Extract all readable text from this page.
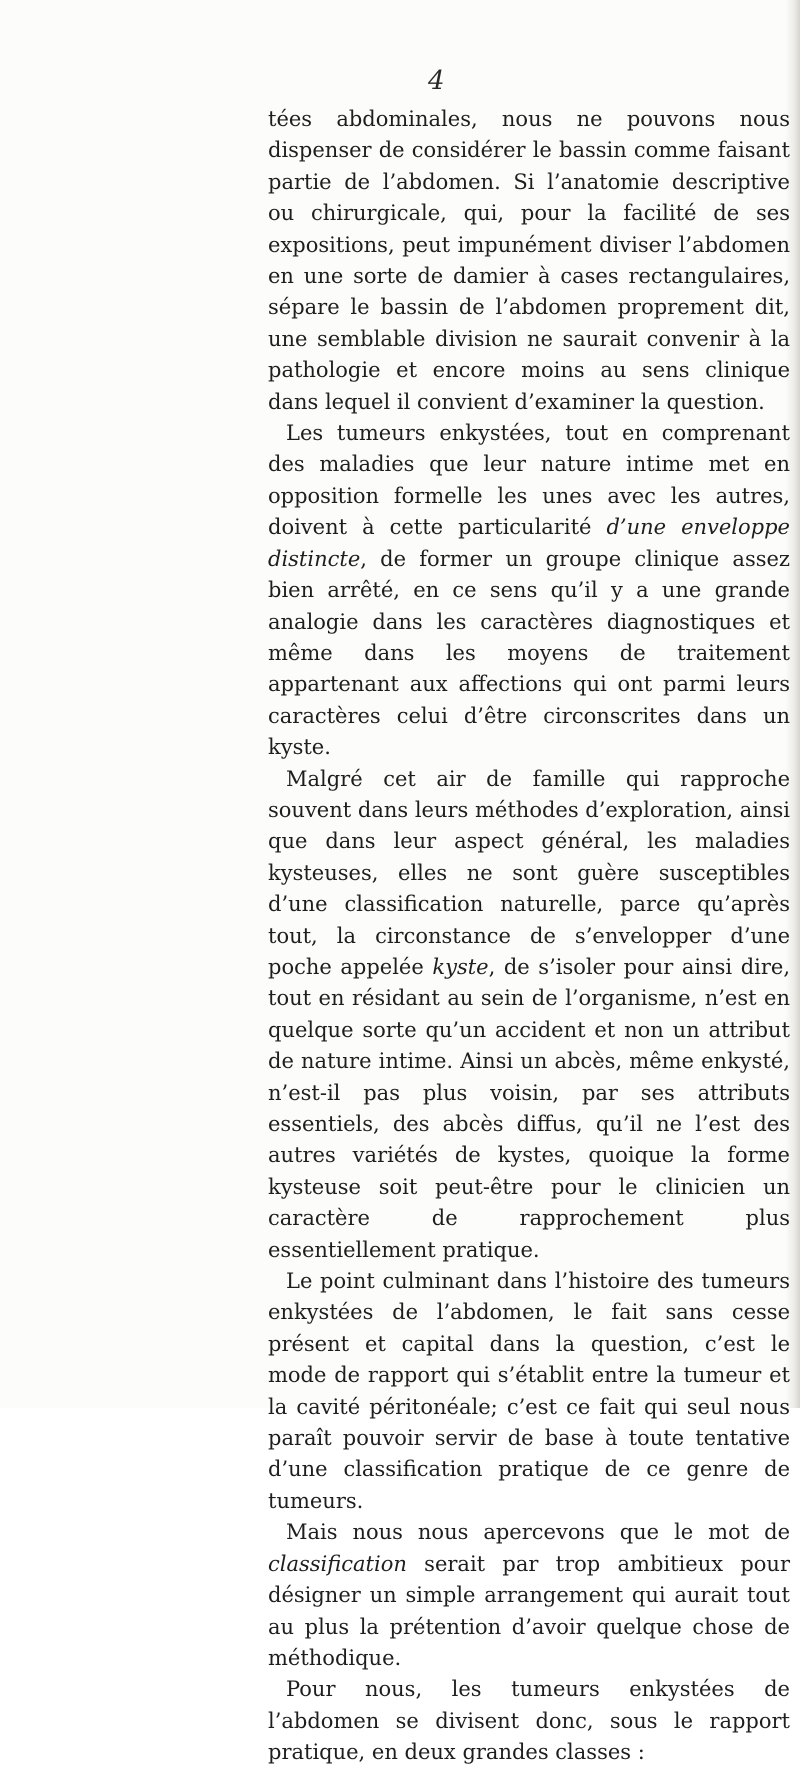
4

tées abdominales, nous ne pouvons nous dispenser de considérer le bassin comme faisant partie de l’abdomen. Si l’anatomie descriptive ou chirurgicale, qui, pour la facilité de ses expositions, peut impunément diviser l’abdomen en une sorte de damier à cases rectangulaires, sépare le bassin de l’abdomen proprement dit, une semblable division ne saurait convenir à la pathologie et encore moins au sens clinique dans lequel il convient d’examiner la question.

Les tumeurs enkystées, tout en comprenant des maladies que leur nature intime met en opposition formelle les unes avec les autres, doivent à cette particularité d’une enveloppe distincte, de former un groupe clinique assez bien arrêté, en ce sens qu’il y a une grande analogie dans les caractères diagnostiques et même dans les moyens de traitement appartenant aux affections qui ont parmi leurs caractères celui d’être circonscrites dans un kyste.

Malgré cet air de famille qui rapproche souvent dans leurs méthodes d’exploration, ainsi que dans leur aspect général, les maladies kysteuses, elles ne sont guère susceptibles d’une classification naturelle, parce qu’après tout, la circonstance de s’envelopper d’une poche appelée kyste, de s’isoler pour ainsi dire, tout en résidant au sein de l’organisme, n’est en quelque sorte qu’un accident et non un attribut de nature intime. Ainsi un abcès, même enkysté, n’est-il pas plus voisin, par ses attributs essentiels, des abcès diffus, qu’il ne l’est des autres variétés de kystes, quoique la forme kysteuse soit peut-être pour le clinicien un caractère de rapprochement plus essentiellement pratique.

Le point culminant dans l’histoire des tumeurs enkystées de l’abdomen, le fait sans cesse présent et capital dans la question, c’est le mode de rapport qui s’établit entre la tumeur et la cavité péritonéale; c’est ce fait qui seul nous paraît pouvoir servir de base à toute tentative d’une classification pratique de ce genre de tumeurs.

Mais nous nous apercevons que le mot de classification serait par trop ambitieux pour désigner un simple arrangement qui aurait tout au plus la prétention d’avoir quelque chose de méthodique.

Pour nous, les tumeurs enkystées de l’abdomen se divisent donc, sous le rapport pratique, en deux grandes classes :
